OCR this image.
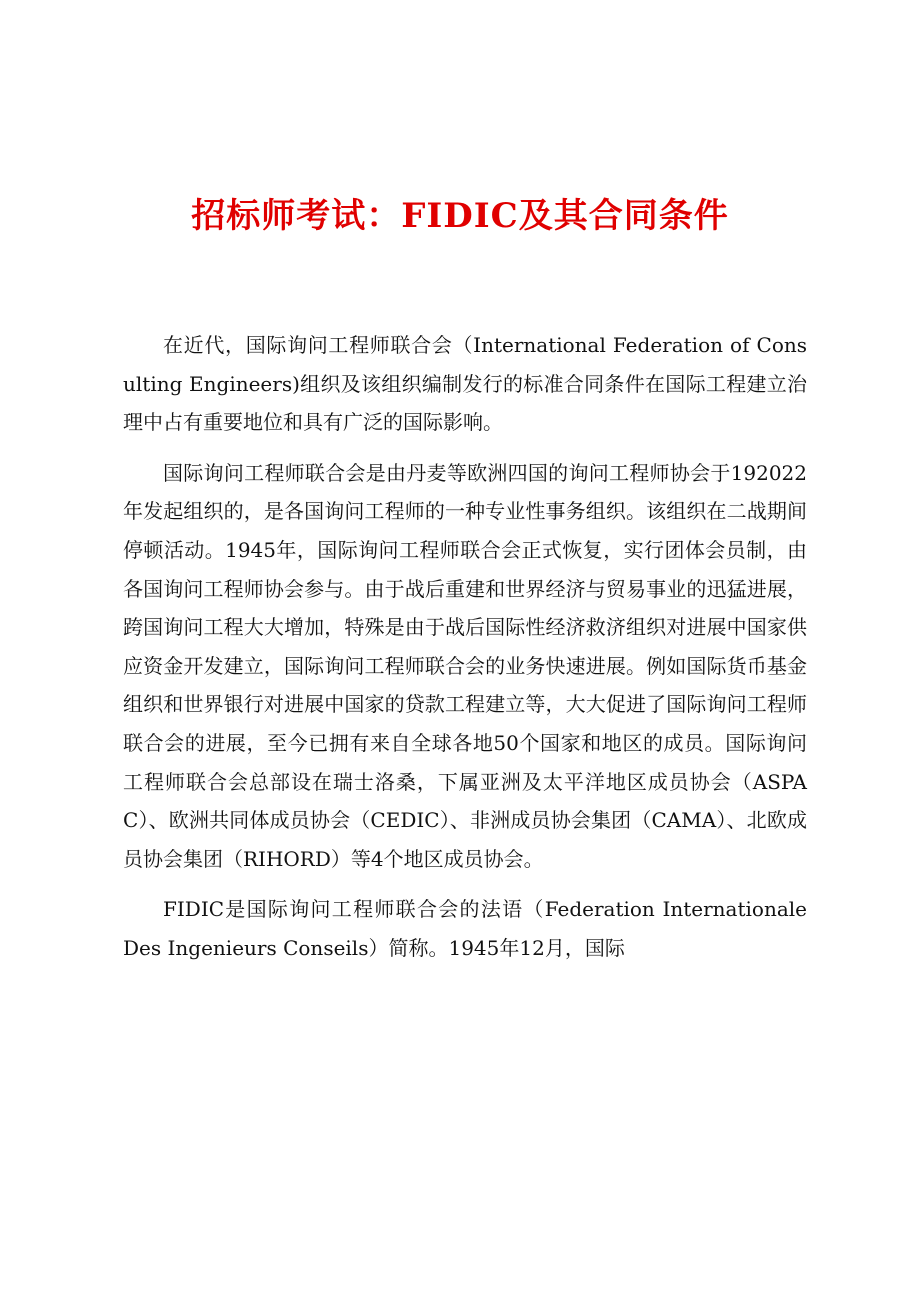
招标师考试：FIDIC及其合同条件

在近代，国际询问工程师联合会（International Federation of Consulting Engineers)组织及该组织编制发行的标准合同条件在国际工程建立治理中占有重要地位和具有广泛的国际影响。

国际询问工程师联合会是由丹麦等欧洲四国的询问工程师协会于192022年发起组织的，是各国询问工程师的一种专业性事务组织。该组织在二战期间停顿活动。1945年，国际询问工程师联合会正式恢复，实行团体会员制，由各国询问工程师协会参与。由于战后重建和世界经济与贸易事业的迅猛进展，跨国询问工程大大增加，特殊是由于战后国际性经济救济组织对进展中国家供应资金开发建立，国际询问工程师联合会的业务快速进展。例如国际货币基金组织和世界银行对进展中国家的贷款工程建立等，大大促进了国际询问工程师联合会的进展，至今已拥有来自全球各地50个国家和地区的成员。国际询问工程师联合会总部设在瑞士洛桑，下属亚洲及太平洋地区成员协会（ASPAC）、欧洲共同体成员协会（CEDIC）、非洲成员协会集团（CAMA）、北欧成员协会集团（RIHORD）等4个地区成员协会。

FIDIC是国际询问工程师联合会的法语（Federation Internationale Des Ingenieurs Conseils）简称。1945年12月，国际
